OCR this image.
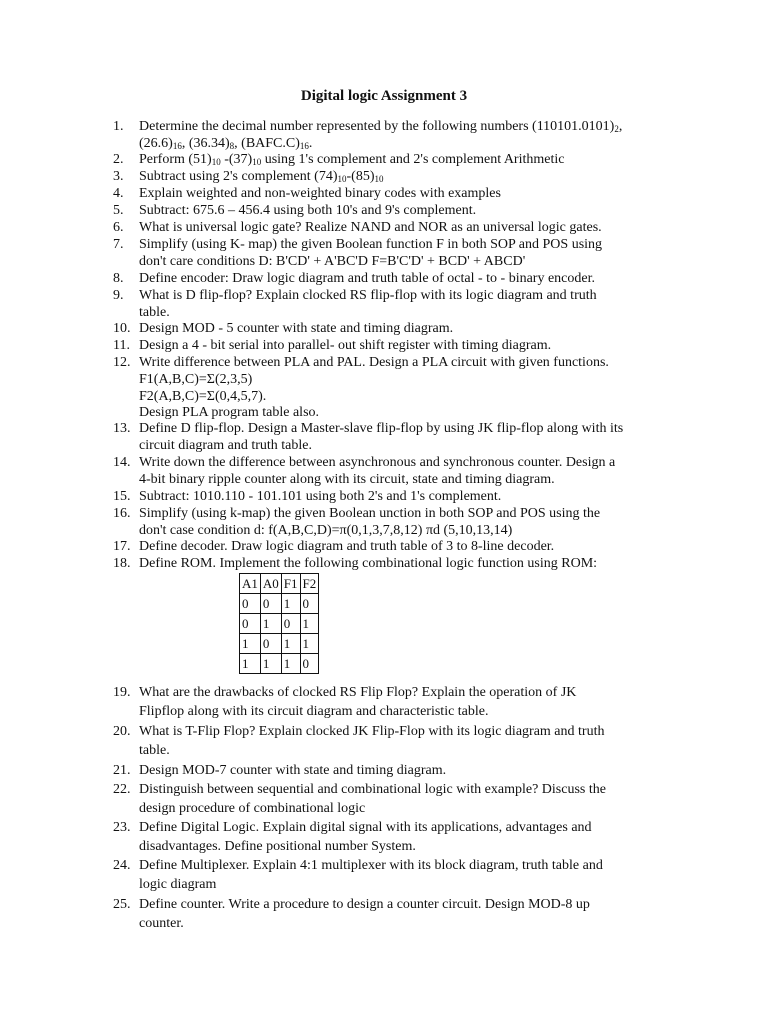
Digital logic Assignment 3
1. Determine the decimal number represented by the following numbers $(110101.0101)_2$,
$(26.6)_{16}$, $(36.34)_8$, $(BAFC.C)_{16}$.
2. Perform $(51)_{10}$ $-(37)_{10}$ using 1's complement and 2's complement Arithmetic
3. Subtract using 2's complement $(74)_{10}-(85)_{10}$
4. Explain weighted and non-weighted binary codes with examples
5. Subtract: 675.6 – 456.4 using both 10's and 9's complement.
6. What is universal logic gate? Realize NAND and NOR as an universal logic gates.
7. Simplify (using K- map) the given Boolean function F in both SOP and POS using
don't care conditions D: B'CD' + A'BC'D F=B'C'D' + BCD' + ABCD'
8. Define encoder: Draw logic diagram and truth table of octal - to - binary encoder.
9. What is D flip-flop? Explain clocked RS flip-flop with its logic diagram and truth
table.
10. Design MOD - 5 counter with state and timing diagram.
11. Design a 4 - bit serial into parallel- out shift register with timing diagram.
12. Write difference between PLA and PAL. Design a PLA circuit with given functions.
F1(A,B,C)=Σ(2,3,5)
F2(A,B,C)=Σ(0,4,5,7).
Design PLA program table also.
13. Define D flip-flop. Design a Master-slave flip-flop by using JK flip-flop along with its
circuit diagram and truth table.
14. Write down the difference between asynchronous and synchronous counter. Design a
4-bit binary ripple counter along with its circuit, state and timing diagram.
15. Subtract: 1010.110 - 101.101 using both 2's and 1's complement.
16. Simplify (using k-map) the given Boolean unction in both SOP and POS using the
don't case condition d: f(A,B,C,D)=π(0,1,3,7,8,12) πd (5,10,13,14)
17. Define decoder. Draw logic diagram and truth table of 3 to 8-line decoder.
18. Define ROM. Implement the following combinational logic function using ROM:
19. What are the drawbacks of clocked RS Flip Flop? Explain the operation of JK
Flipflop along with its circuit diagram and characteristic table.
20. What is T-Flip Flop? Explain clocked JK Flip-Flop with its logic diagram and truth
table.
21. Design MOD-7 counter with state and timing diagram.
22. Distinguish between sequential and combinational logic with example? Discuss the
design procedure of combinational logic
23. Define Digital Logic. Explain digital signal with its applications, advantages and
disadvantages. Define positional number System.
24. Define Multiplexer. Explain 4:1 multiplexer with its block diagram, truth table and
logic diagram
25. Define counter. Write a procedure to design a counter circuit. Design MOD-8 up
counter.
A1	A0	F1	F2
0	0	1	0
0	1	0	1
1	0	1	1
1	1	1	0
